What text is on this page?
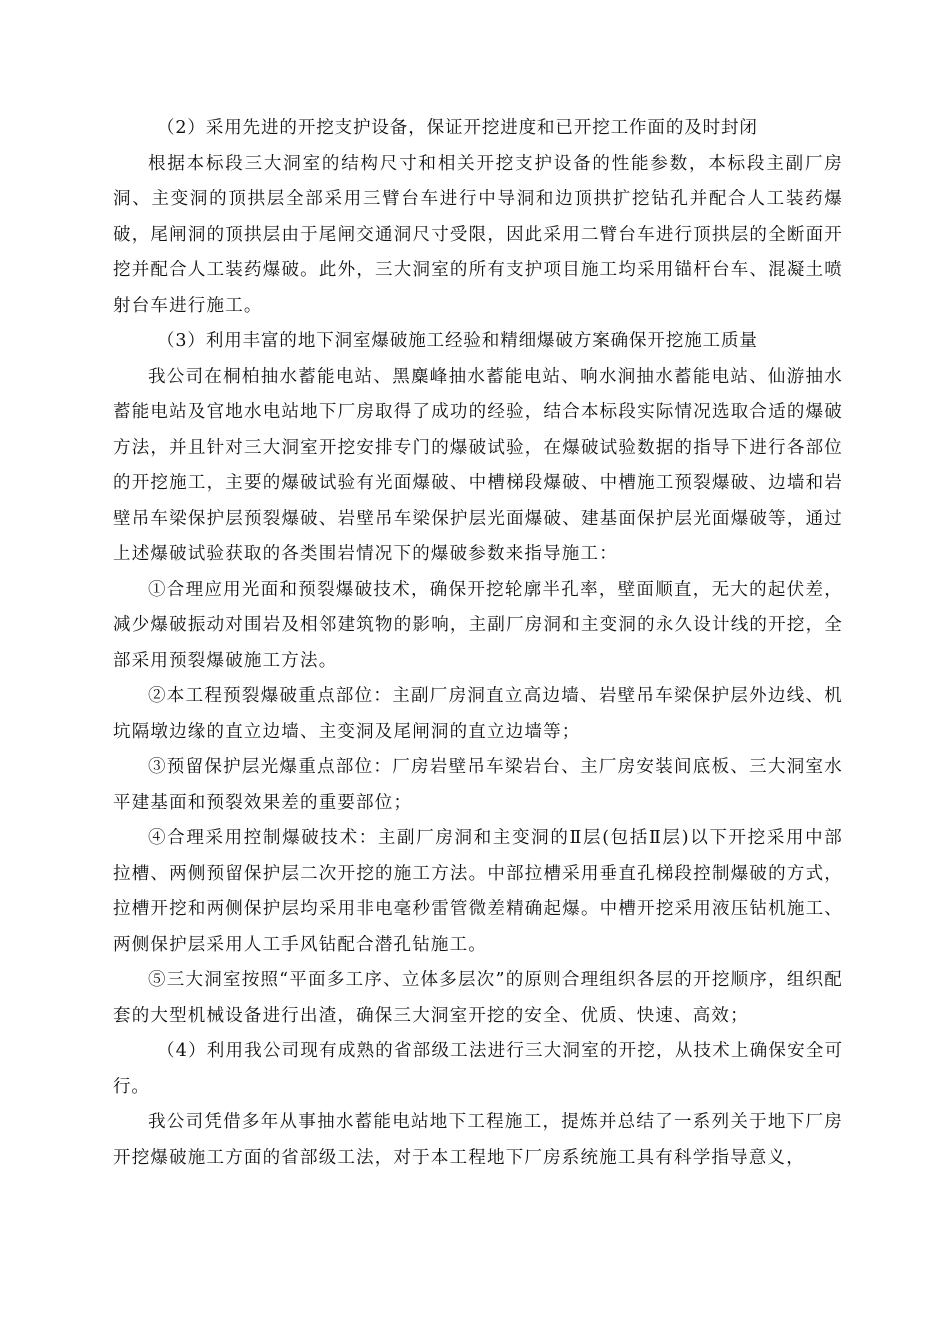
（2）采用先进的开挖支护设备，保证开挖进度和已开挖工作面的及时封闭

根据本标段三大洞室的结构尺寸和相关开挖支护设备的性能参数，本标段主副厂房洞、主变洞的顶拱层全部采用三臂台车进行中导洞和边顶拱扩挖钻孔并配合人工装药爆破，尾闸洞的顶拱层由于尾闸交通洞尺寸受限，因此采用二臂台车进行顶拱层的全断面开挖并配合人工装药爆破。此外，三大洞室的所有支护项目施工均采用锚杆台车、混凝土喷射台车进行施工。

（3）利用丰富的地下洞室爆破施工经验和精细爆破方案确保开挖施工质量

我公司在桐柏抽水蓄能电站、黑麋峰抽水蓄能电站、响水涧抽水蓄能电站、仙游抽水蓄能电站及官地水电站地下厂房取得了成功的经验，结合本标段实际情况选取合适的爆破方法，并且针对三大洞室开挖安排专门的爆破试验，在爆破试验数据的指导下进行各部位的开挖施工，主要的爆破试验有光面爆破、中槽梯段爆破、中槽施工预裂爆破、边墙和岩壁吊车梁保护层预裂爆破、岩壁吊车梁保护层光面爆破、建基面保护层光面爆破等，通过上述爆破试验获取的各类围岩情况下的爆破参数来指导施工：

①合理应用光面和预裂爆破技术，确保开挖轮廓半孔率，壁面顺直，无大的起伏差，减少爆破振动对围岩及相邻建筑物的影响，主副厂房洞和主变洞的永久设计线的开挖，全部采用预裂爆破施工方法。

②本工程预裂爆破重点部位：主副厂房洞直立高边墙、岩壁吊车梁保护层外边线、机坑隔墩边缘的直立边墙、主变洞及尾闸洞的直立边墙等；

③预留保护层光爆重点部位：厂房岩壁吊车梁岩台、主厂房安装间底板、三大洞室水平建基面和预裂效果差的重要部位；

④合理采用控制爆破技术：主副厂房洞和主变洞的Ⅱ层(包括Ⅱ层)以下开挖采用中部拉槽、两侧预留保护层二次开挖的施工方法。中部拉槽采用垂直孔梯段控制爆破的方式，拉槽开挖和两侧保护层均采用非电毫秒雷管微差精确起爆。中槽开挖采用液压钻机施工、两侧保护层采用人工手风钻配合潜孔钻施工。

⑤三大洞室按照“平面多工序、立体多层次”的原则合理组织各层的开挖顺序，组织配套的大型机械设备进行出渣，确保三大洞室开挖的安全、优质、快速、高效；

（4）利用我公司现有成熟的省部级工法进行三大洞室的开挖，从技术上确保安全可行。

我公司凭借多年从事抽水蓄能电站地下工程施工，提炼并总结了一系列关于地下厂房开挖爆破施工方面的省部级工法，对于本工程地下厂房系统施工具有科学指导意义，
